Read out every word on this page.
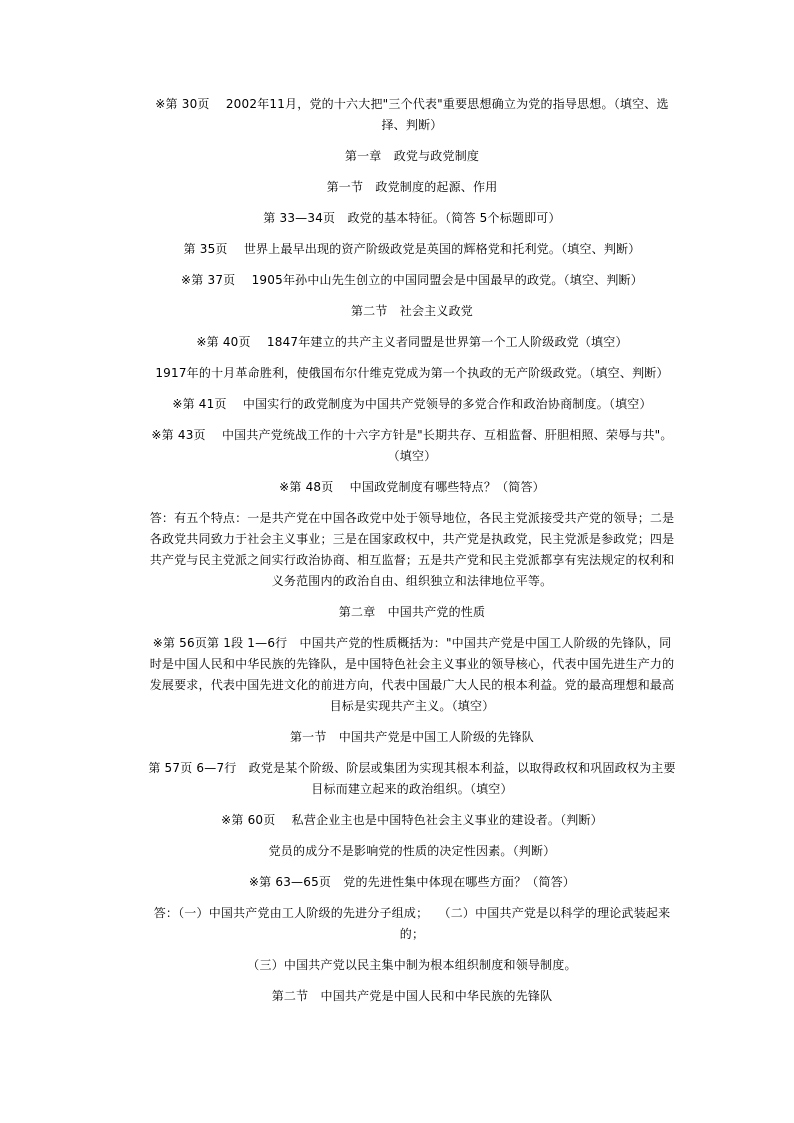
※第 30页　 2002年11月，党的十六大把"三个代表"重要思想确立为党的指导思想。（填空、选择、判断）

第一章　政党与政党制度

第一节　政党制度的起源、作用

第 33—34页　政党的基本特征。（简答 5个标题即可）

第 35页　 世界上最早出现的资产阶级政党是英国的辉格党和托利党。（填空、判断）

※第 37页　 1905年孙中山先生创立的中国同盟会是中国最早的政党。（填空、判断）

第二节　社会主义政党

※第 40页　 1847年建立的共产主义者同盟是世界第一个工人阶级政党（填空）

1917年的十月革命胜利，使俄国布尔什维克党成为第一个执政的无产阶级政党。（填空、判断）

※第 41页　 中国实行的政党制度为中国共产党领导的多党合作和政治协商制度。（填空）

※第 43页　 中国共产党统战工作的十六字方针是"长期共存、互相监督、肝胆相照、荣辱与共"。（填空）

※第 48页　 中国政党制度有哪些特点？（简答）

答：有五个特点：一是共产党在中国各政党中处于领导地位，各民主党派接受共产党的领导；二是各政党共同致力于社会主义事业；三是在国家政权中，共产党是执政党，民主党派是参政党；四是共产党与民主党派之间实行政治协商、相互监督；五是共产党和民主党派都享有宪法规定的权利和义务范围内的政治自由、组织独立和法律地位平等。

第二章　中国共产党的性质

※第 56页第 1段 1—6行　中国共产党的性质概括为："中国共产党是中国工人阶级的先锋队，同时是中国人民和中华民族的先锋队，是中国特色社会主义事业的领导核心，代表中国先进生产力的发展要求，代表中国先进文化的前进方向，代表中国最广大人民的根本利益。党的最高理想和最高目标是实现共产主义。（填空）

第一节　中国共产党是中国工人阶级的先锋队

第 57页 6—7行　政党是某个阶级、阶层或集团为实现其根本利益，以取得政权和巩固政权为主要目标而建立起来的政治组织。（填空）

※第 60页　 私营企业主也是中国特色社会主义事业的建设者。（判断）

党员的成分不是影响党的性质的决定性因素。（判断）

※第 63—65页　党的先进性集中体现在哪些方面？（简答）

答：（一）中国共产党由工人阶级的先进分子组成；　 （二）中国共产党是以科学的理论武装起来的；

（三）中国共产党以民主集中制为根本组织制度和领导制度。

第二节　中国共产党是中国人民和中华民族的先锋队
